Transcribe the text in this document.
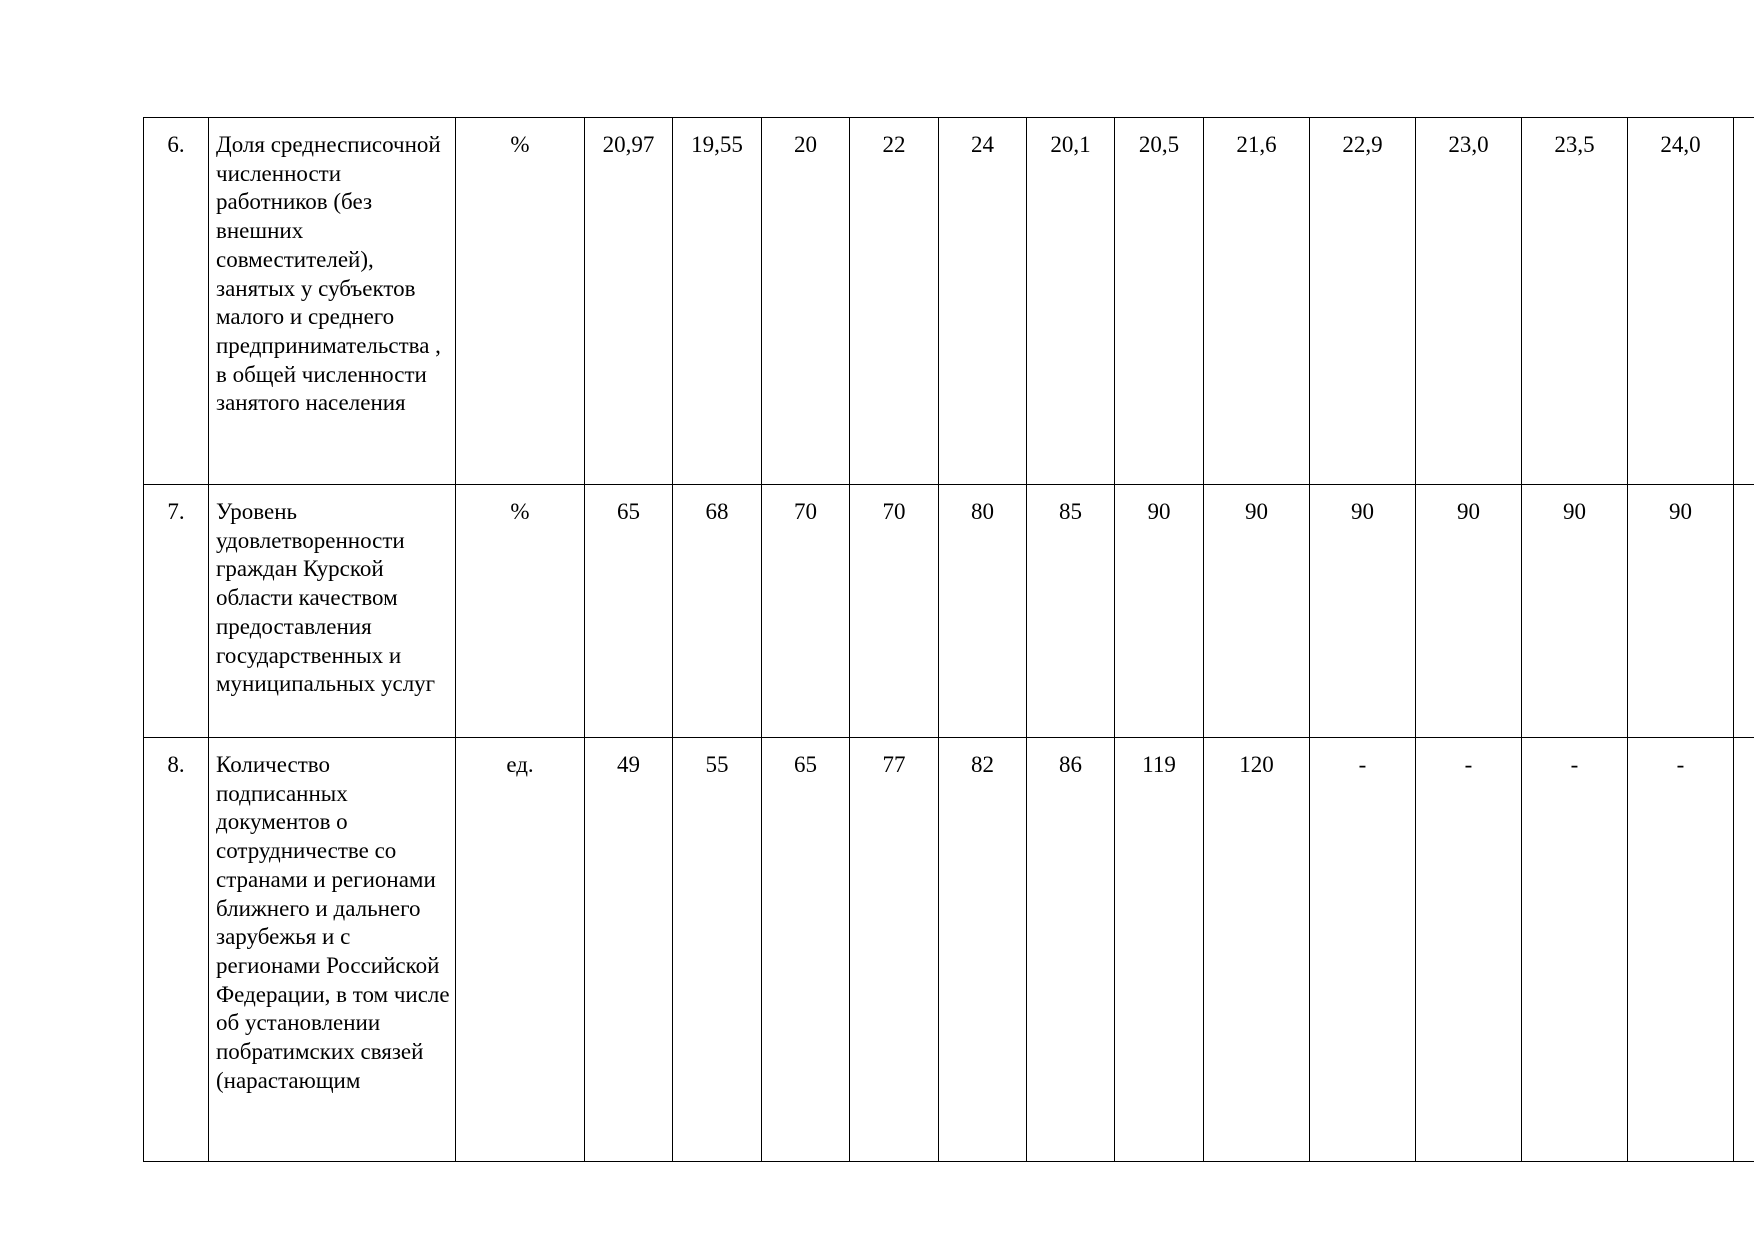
6.	Доля среднесписочной численности работников (без внешних совместителей), занятых у субъектов малого и среднего предпринимательства , в общей численности занятого населения	%	20,97	19,55	20	22	24	20,1	20,5	21,6	22,9	23,0	23,5	24,0	
7.	Уровень удовлетворенности граждан Курской области качеством предоставления государственных и муниципальных услуг	%	65	68	70	70	80	85	90	90	90	90	90	90	
8.	Количество подписанных документов о сотрудничестве со странами и регионами ближнего и дальнего зарубежья и с регионами Российской Федерации, в том числе об установлении побратимских связей (нарастающим	ед.	49	55	65	77	82	86	119	120	-	-	-	-	
